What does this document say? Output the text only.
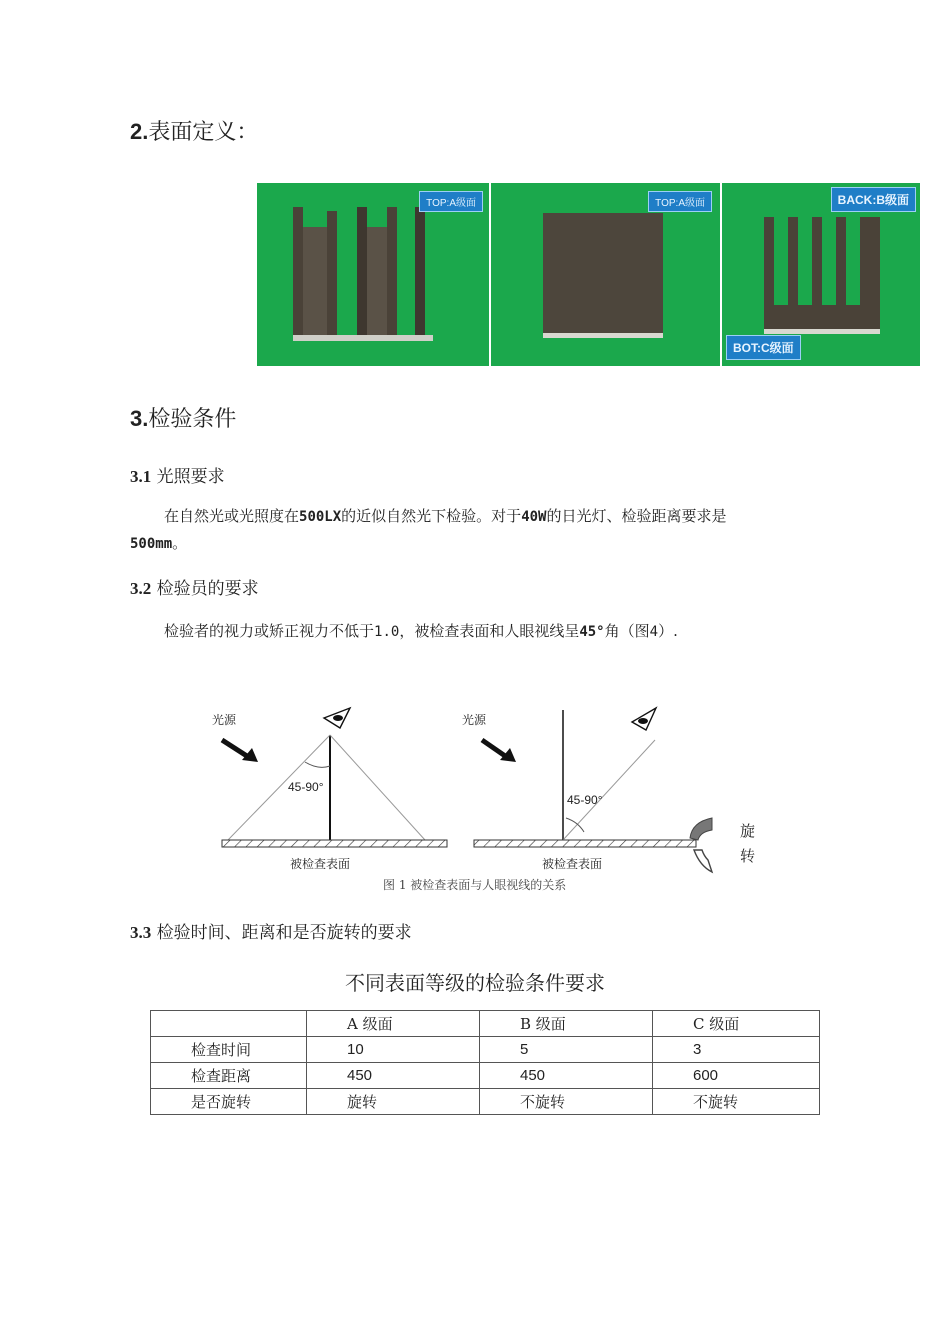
2.表面定义：
TOP:A级面	TOP:A级面	BACK:B级面
BOT:C级面
3.检验条件
3.1 光照要求
在自然光或光照度在500LX的近似自然光下检验。对于40W的日光灯、检验距离要求是
500mm。
3.2 检验员的要求
检验者的视力或矫正视力不低于1.0，被检查表面和人眼视线呈45°角（图4）.
光源
45-90°
被检查表面
光源
45-90°
被检查表面
旋
转
图 1 被检查表面与人眼视线的关系
3.3 检验时间、距离和是否旋转的要求
不同表面等级的检验条件要求
	A 级面	B 级面	C 级面
检查时间	10	5	3
检查距离	450	450	600
是否旋转	旋转	不旋转	不旋转
